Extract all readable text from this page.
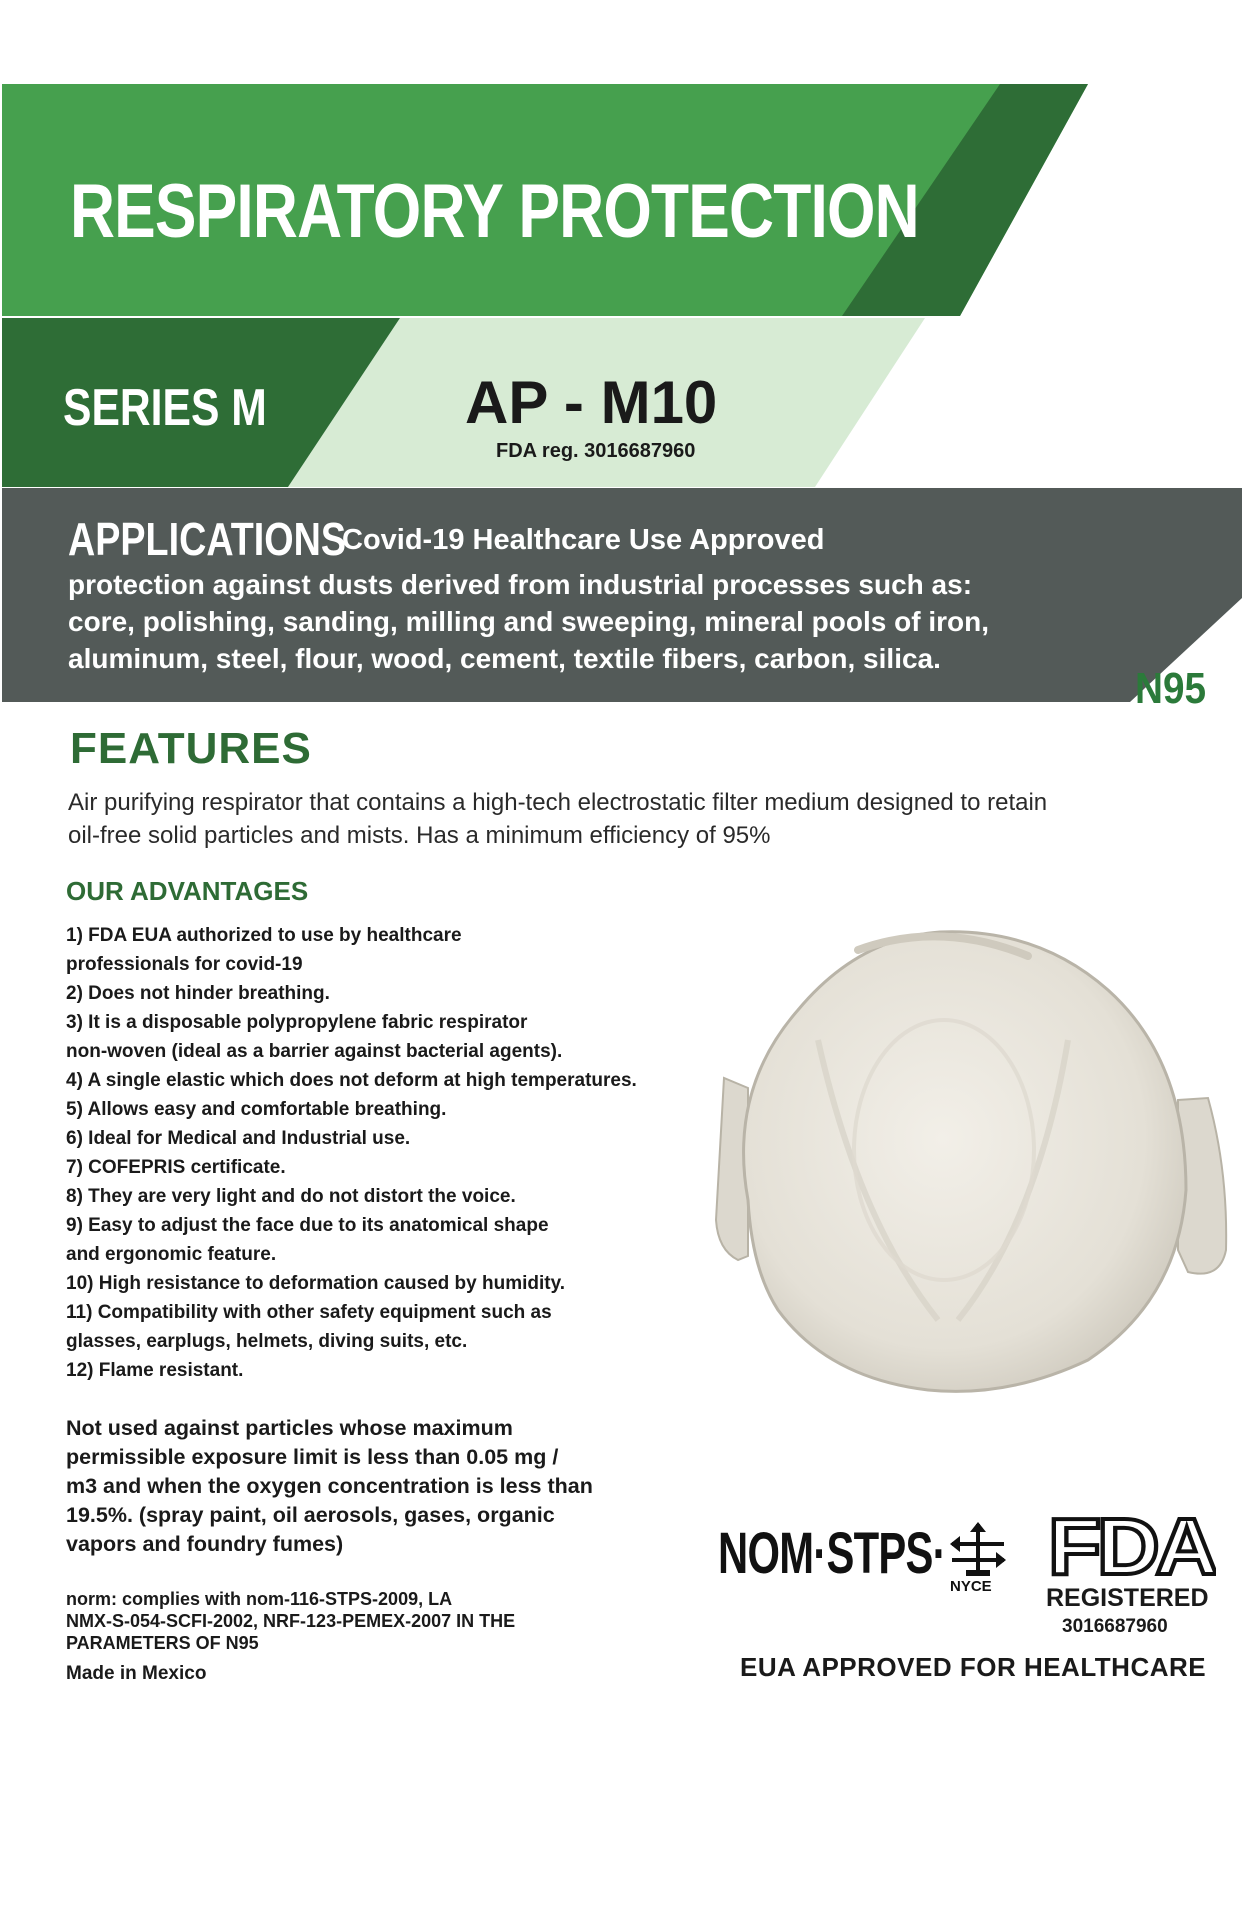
RESPIRATORY PROTECTION
SERIES M	AP - M10
FDA reg. 3016687960
APPLICATIONS
Covid-19 Healthcare Use Approved
protection against dusts derived from industrial processes such as:
core, polishing, sanding, milling and sweeping, mineral pools of iron,
aluminum, steel, flour, wood, cement, textile fibers, carbon, silica.
N95
FEATURES
Air purifying respirator that contains a high-tech electrostatic filter medium designed to retain
oil-free solid particles and mists. Has a minimum efficiency of 95%
OUR ADVANTAGES
1) FDA EUA authorized to use by healthcare
professionals for covid-19
2) Does not hinder breathing.
3) It is a disposable polypropylene fabric respirator
non-woven (ideal as a barrier against bacterial agents).
4) A single elastic which does not deform at high temperatures.
5) Allows easy and comfortable breathing.
6) Ideal for Medical and Industrial use.
7) COFEPRIS certificate.
8) They are very light and do not distort the voice.
9) Easy to adjust the face due to its anatomical shape
and ergonomic feature.
10) High resistance to deformation caused by humidity.
11) Compatibility with other safety equipment such as
glasses, earplugs, helmets, diving suits, etc.
12) Flame resistant.
Not used against particles whose maximum
permissible exposure limit is less than 0.05 mg /
m3 and when the oxygen concentration is less than
19.5%. (spray paint, oil aerosols, gases, organic
vapors and foundry fumes)
norm: complies with nom-116-STPS-2009, LA
NMX-S-054-SCFI-2002, NRF-123-PEMEX-2007 IN THE
PARAMETERS OF N95
Made in Mexico
NOM·STPS·
NYCE FDA
REGISTERED
3016687960
EUA APPROVED FOR HEALTHCARE
